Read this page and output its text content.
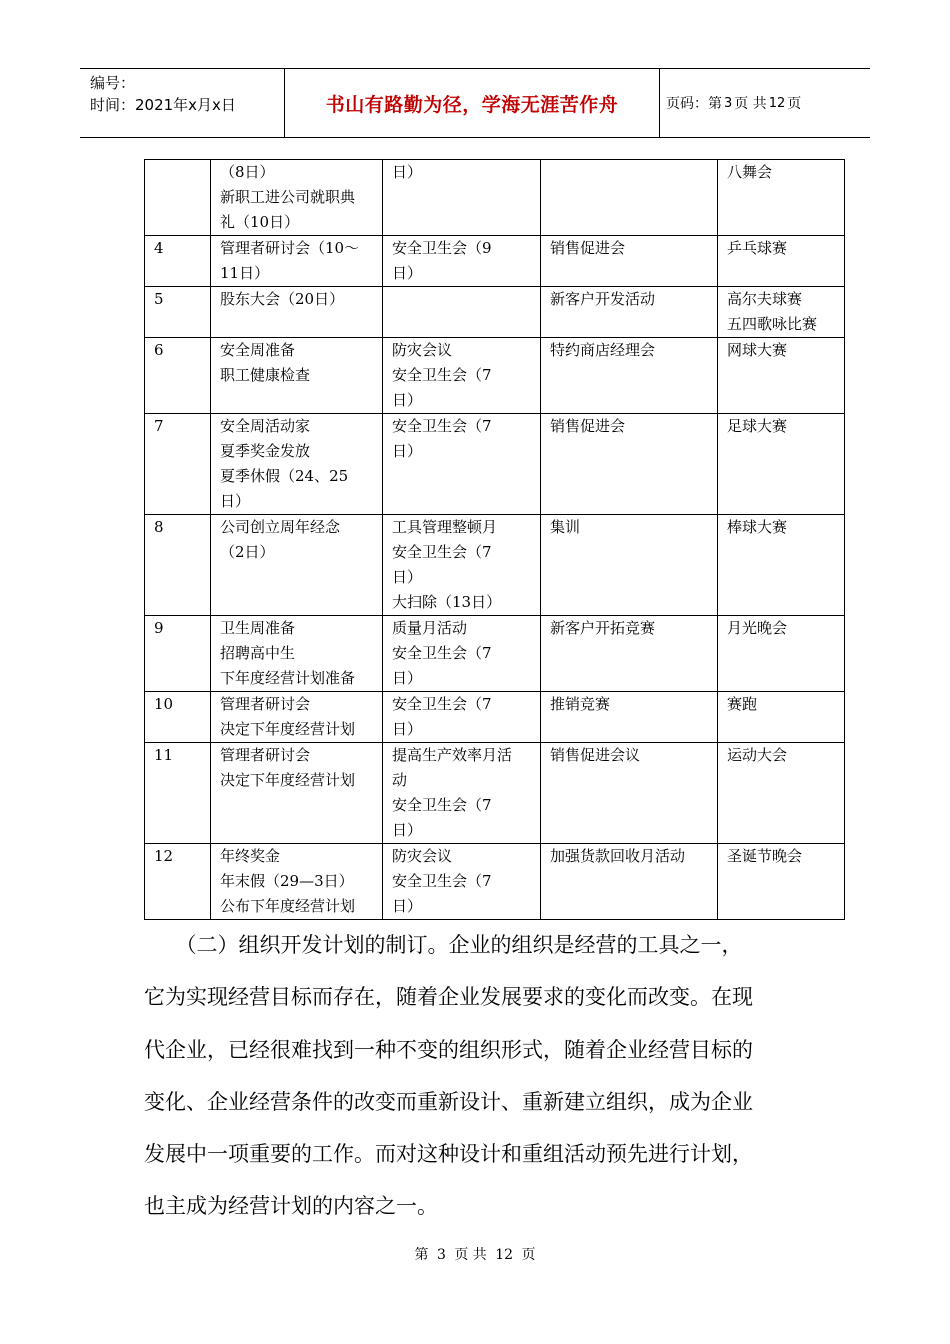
编号：
时间：2021年x月x日	书山有路勤为径，学海无涯苦作舟	页码：第 3 页 共 12 页

	（8日）
新职工进公司就职典
礼（10日）	日）		八舞会

4	管理者研讨会（10～
11日）	安全卫生会（9
日）	销售促进会	乒乓球赛

5	股东大会（20日）		新客户开发活动	高尔夫球赛
五四歌咏比赛

6	安全周准备
职工健康检查	防灾会议
安全卫生会（7
日）	特约商店经理会	网球大赛

7	安全周活动家
夏季奖金发放
夏季休假（24、25
日）	安全卫生会（7
日）	销售促进会	足球大赛

8	公司创立周年经念
（2日）	工具管理整顿月
安全卫生会（7
日）
大扫除（13日）	集训	棒球大赛

9	卫生周准备
招聘高中生
下年度经营计划准备	质量月活动
安全卫生会（7
日）	新客户开拓竞赛	月光晚会

10	管理者研讨会
决定下年度经营计划	安全卫生会（7
日）	推销竞赛	赛跑

11	管理者研讨会
决定下年度经营计划	提高生产效率月活
动
安全卫生会（7
日）	销售促进会议	运动大会

12	年终奖金
年末假（29—3日）
公布下年度经营计划	防灾会议
安全卫生会（7
日）	加强货款回收月活动	圣诞节晚会
　　（二）组织开发计划的制订。企业的组织是经营的工具之一，
它为实现经营目标而存在，随着企业发展要求的变化而改变。在现
代企业，已经很难找到一种不变的组织形式，随着企业经营目标的
变化、企业经营条件的改变而重新设计、重新建立组织，成为企业
发展中一项重要的工作。而对这种设计和重组活动预先进行计划，
也主成为经营计划的内容之一。
第 3 页 共 12 页
